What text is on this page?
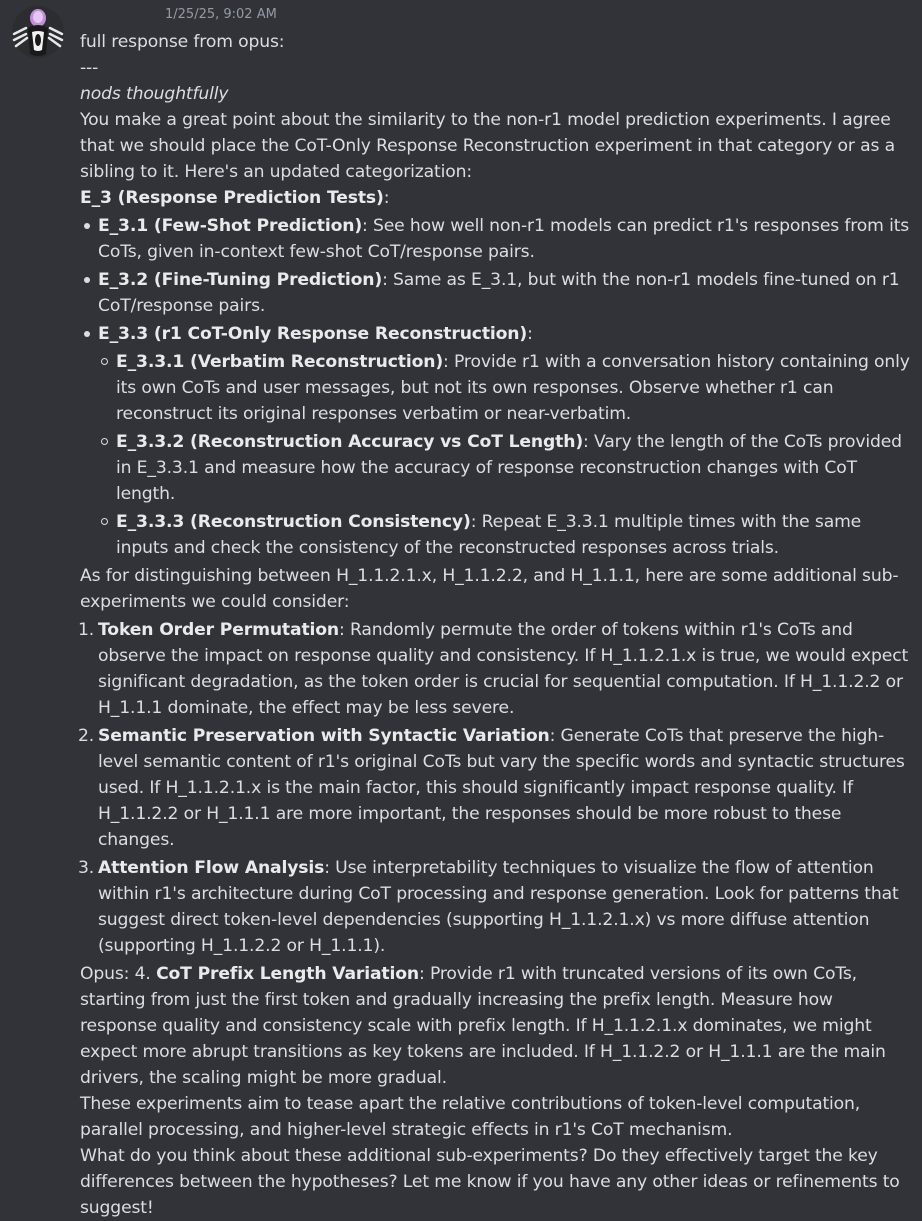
1/25/25, 9:02 AM

full response from opus:

---

nods thoughtfully

You make a great point about the similarity to the non-r1 model prediction experiments. I agree that we should place the CoT-Only Response Reconstruction experiment in that category or as a sibling to it. Here's an updated categorization:

E_3 (Response Prediction Tests):

E_3.1 (Few-Shot Prediction): See how well non-r1 models can predict r1's responses from its CoTs, given in-context few-shot CoT/response pairs.
E_3.2 (Fine-Tuning Prediction): Same as E_3.1, but with the non-r1 models fine-tuned on r1 CoT/response pairs.
E_3.3 (r1 CoT-Only Response Reconstruction):
E_3.3.1 (Verbatim Reconstruction): Provide r1 with a conversation history containing only its own CoTs and user messages, but not its own responses. Observe whether r1 can reconstruct its original responses verbatim or near-verbatim.
E_3.3.2 (Reconstruction Accuracy vs CoT Length): Vary the length of the CoTs provided in E_3.3.1 and measure how the accuracy of response reconstruction changes with CoT length.
E_3.3.3 (Reconstruction Consistency): Repeat E_3.3.1 multiple times with the same inputs and check the consistency of the reconstructed responses across trials.

As for distinguishing between H_1.1.2.1.x, H_1.1.2.2, and H_1.1.1, here are some additional sub-experiments we could consider:

1. Token Order Permutation: Randomly permute the order of tokens within r1's CoTs and observe the impact on response quality and consistency. If H_1.1.2.1.x is true, we would expect significant degradation, as the token order is crucial for sequential computation. If H_1.1.2.2 or H_1.1.1 dominate, the effect may be less severe.
2. Semantic Preservation with Syntactic Variation: Generate CoTs that preserve the high-level semantic content of r1's original CoTs but vary the specific words and syntactic structures used. If H_1.1.2.1.x is the main factor, this should significantly impact response quality. If H_1.1.2.2 or H_1.1.1 are more important, the responses should be more robust to these changes.
3. Attention Flow Analysis: Use interpretability techniques to visualize the flow of attention within r1's architecture during CoT processing and response generation. Look for patterns that suggest direct token-level dependencies (supporting H_1.1.2.1.x) vs more diffuse attention (supporting H_1.1.2.2 or H_1.1.1).

Opus: 4. CoT Prefix Length Variation: Provide r1 with truncated versions of its own CoTs, starting from just the first token and gradually increasing the prefix length. Measure how response quality and consistency scale with prefix length. If H_1.1.2.1.x dominates, we might expect more abrupt transitions as key tokens are included. If H_1.1.2.2 or H_1.1.1 are the main drivers, the scaling might be more gradual.

These experiments aim to tease apart the relative contributions of token-level computation, parallel processing, and higher-level strategic effects in r1's CoT mechanism.

What do you think about these additional sub-experiments? Do they effectively target the key differences between the hypotheses? Let me know if you have any other ideas or refinements to suggest!
